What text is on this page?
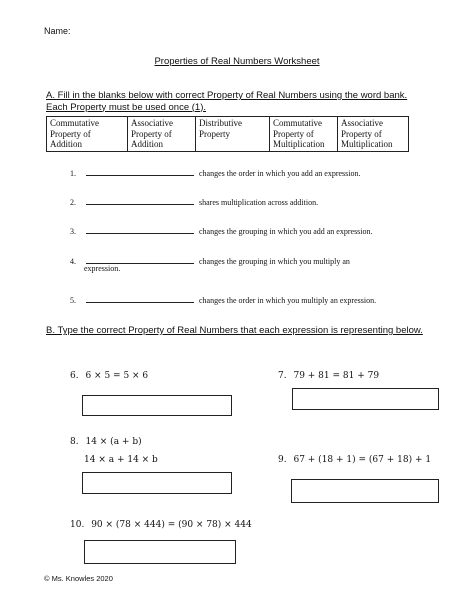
Name:
Properties of Real Numbers Worksheet
A. Fill in the blanks below with correct Property of Real Numbers using the word bank. Each Property must be used once (1).
Commutative Property of Addition	Associative Property of Addition	Distributive Property	Commutative Property of Multiplication	Associative Property of Multiplication
1.	changes the order in which you add an expression.
2.	shares multiplication across addition.
3.	changes the grouping in which you add an expression.
4.	changes the grouping in which you multiply an
expression.
5.	changes the order in which you multiply an expression.
B. Type the correct Property of Real Numbers that each expression is representing below.
6. 6 × 5 = 5 × 6	7. 79 + 81 = 81 + 79
8. 14 × (a + b)
14 × a + 14 × b	9. 67 + (18 + 1) = (67 + 18) + 1
10. 90 × (78 × 444) = (90 × 78) × 444
© Ms. Knowles 2020
